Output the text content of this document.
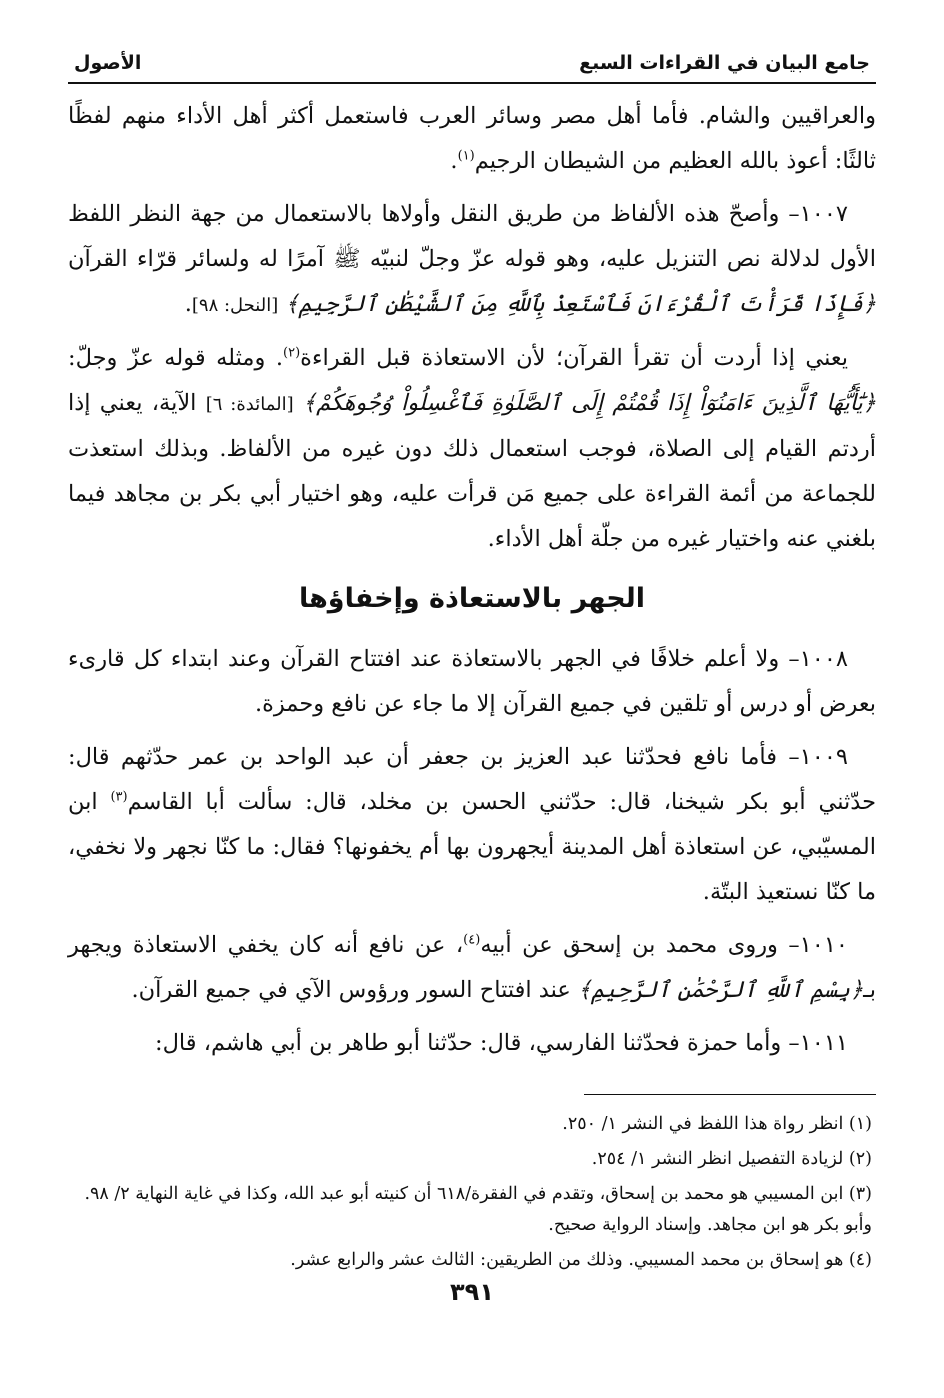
جامع البيان في القراءات السبع
الأصول

والعراقيين والشام. فأما أهل مصر وسائر العرب فاستعمل أكثر أهل الأداء منهم لفظًا ثالثًا: أعوذ بالله العظيم من الشيطان الرجيم$^{(١)}$.

١٠٠٧– وأصحّ هذه الألفاظ من طريق النقل وأولاها بالاستعمال من جهة النظر اللفظ الأول لدلالة نص التنزيل عليه، وهو قوله عزّ وجلّ لنبيّه ﷺ آمرًا له ولسائر قرّاء القرآن ﴿فَإِذَا قَرَأْتَ ٱلْقُرْءَانَ فَٱسْتَعِذْ بِٱللَّهِ مِنَ ٱلشَّيْطَٰنِ ٱلرَّجِيمِ﴾ [النحل: ٩٨].

يعني إذا أردت أن تقرأ القرآن؛ لأن الاستعاذة قبل القراءة$^{(٢)}$. ومثله قوله عزّ وجلّ: ﴿يَٰٓأَيُّهَا ٱلَّذِينَ ءَامَنُوٓاْ إِذَا قُمْتُمْ إِلَى ٱلصَّلَوٰةِ فَٱغْسِلُواْ وُجُوهَكُمْ﴾ [المائدة: ٦] الآية، يعني إذا أردتم القيام إلى الصلاة، فوجب استعمال ذلك دون غيره من الألفاظ. وبذلك استعذت للجماعة من أئمة القراءة على جميع مَن قرأت عليه، وهو اختيار أبي بكر بن مجاهد فيما بلغني عنه واختيار غيره من جلّة أهل الأداء.

الجهر بالاستعاذة وإخفاؤها

١٠٠٨– ولا أعلم خلافًا في الجهر بالاستعاذة عند افتتاح القرآن وعند ابتداء كل قارىء بعرض أو درس أو تلقين في جميع القرآن إلا ما جاء عن نافع وحمزة.

١٠٠٩– فأما نافع فحدّثنا عبد العزيز بن جعفر أن عبد الواحد بن عمر حدّثهم قال: حدّثني أبو بكر شيخنا، قال: حدّثني الحسن بن مخلد، قال: سألت أبا القاسم$^{(٣)}$ ابن المسيّبي، عن استعاذة أهل المدينة أيجهرون بها أم يخفونها؟ فقال: ما كنّا نجهر ولا نخفي، ما كنّا نستعيذ البتّة.

١٠١٠– وروى محمد بن إسحق عن أبيه$^{(٤)}$، عن نافع أنه كان يخفي الاستعاذة ويجهر بـ﴿بِسْمِ ٱللَّهِ ٱلرَّحْمَٰنِ ٱلرَّحِيمِ﴾ عند افتتاح السور ورؤوس الآي في جميع القرآن.

١٠١١– وأما حمزة فحدّثنا الفارسي، قال: حدّثنا أبو طاهر بن أبي هاشم، قال:

(١) انظر رواة هذا اللفظ في النشر ١/ ٢٥٠.

(٢) لزيادة التفصيل انظر النشر ١/ ٢٥٤.

(٣) ابن المسيبي هو محمد بن إسحاق، وتقدم في الفقرة/٦١٨ أن كنيته أبو عبد الله، وكذا في غاية النهاية ٢/ ٩٨. وأبو بكر هو ابن مجاهد. وإسناد الرواية صحيح.

(٤) هو إسحاق بن محمد المسيبي. وذلك من الطريقين: الثالث عشر والرابع عشر.

٣٩١
